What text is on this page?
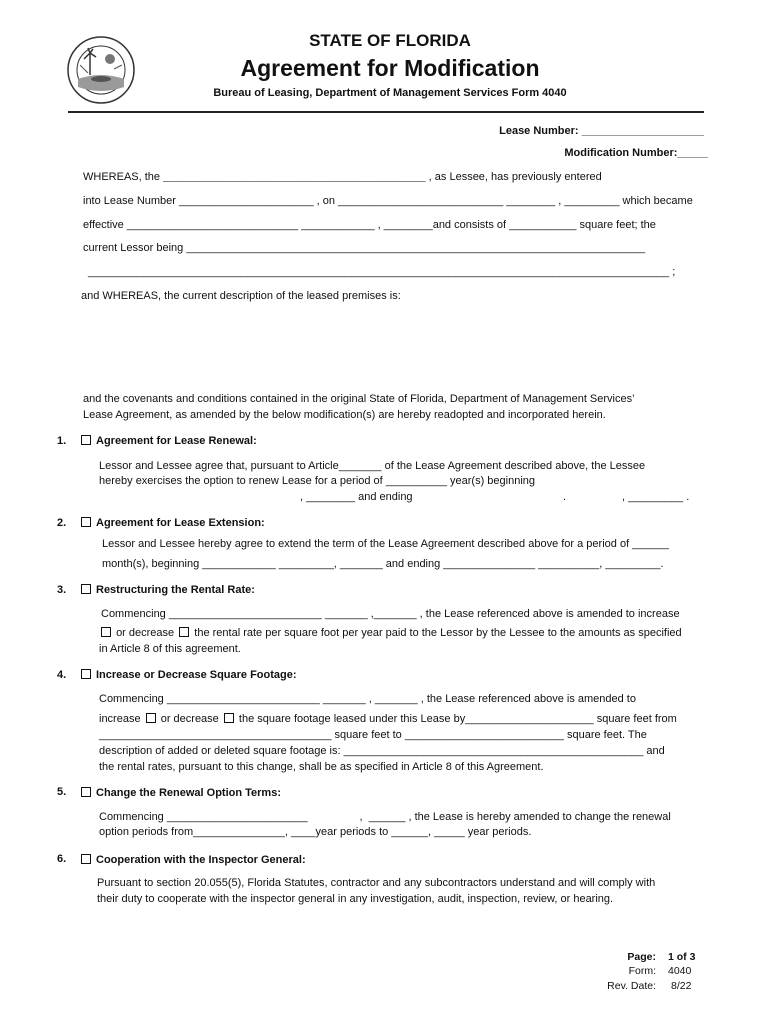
STATE OF FLORIDA
Agreement for Modification
Bureau of Leasing, Department of Management Services Form 4040
Lease Number: ____________________
Modification Number:_____
WHEREAS, the ___________________________________________________________ , as Lessee, has previously entered
into Lease Number ______________________ , on ___________________________ ________ , _________ which became
effective ____________________________ ____________ , ________and consists of ___________ square feet; the
current Lessor being ___________________________________________________________________________
_______________________________________________________________________________________________ ;
and WHEREAS, the current description of the leased premises is:
and the covenants and conditions contained in the original State of Florida, Department of Management Services’
Lease Agreement, as amended by the below modification(s) are hereby readopted and incorporated herein.
1.	Agreement for Lease Renewal:
Lessor and Lessee agree that, pursuant to Article_______ of the Lease Agreement described above, the Lessee
hereby exercises the option to renew Lease for a period of __________ year(s) beginning
, ________ and ending	.	, _________ .
2.	Agreement for Lease Extension:
Lessor and Lessee hereby agree to extend the term of the Lease Agreement described above for a period of ______
month(s), beginning ____________ _________, _______ and ending _______________ __________, _________.
3.	Restructuring the Rental Rate:
Commencing _________________________ _______ ,_______ , the Lease referenced above is amended to increase
or decrease the rental rate per square foot per year paid to the Lessor by the Lessee to the amounts as specified
in Article 8 of this agreement.
4.	Increase or Decrease Square Footage:
Commencing _________________________ _______ , _______ , the Lease referenced above is amended to
increase or decrease the square footage leased under this Lease by_____________________ square feet from
______________________________________ square feet to __________________________ square feet. The
description of added or deleted square footage is: _________________________________________________ and
the rental rates, pursuant to this change, shall be as specified in Article 8 of this Agreement.
5.	Change the Renewal Option Terms:
Commencing _______________________                 ,  ______ , the Lease is hereby amended to change the renewal
option periods from_______________, ____year periods to ______, _____ year periods.
6.	Cooperation with the Inspector General:
Pursuant to section 20.055(5), Florida Statutes, contractor and any subcontractors understand and will comply with
their duty to cooperate with the inspector general in any investigation, audit, inspection, review, or hearing.
Page: 1 of 3
Form: 4040
Rev. Date: 8/22
